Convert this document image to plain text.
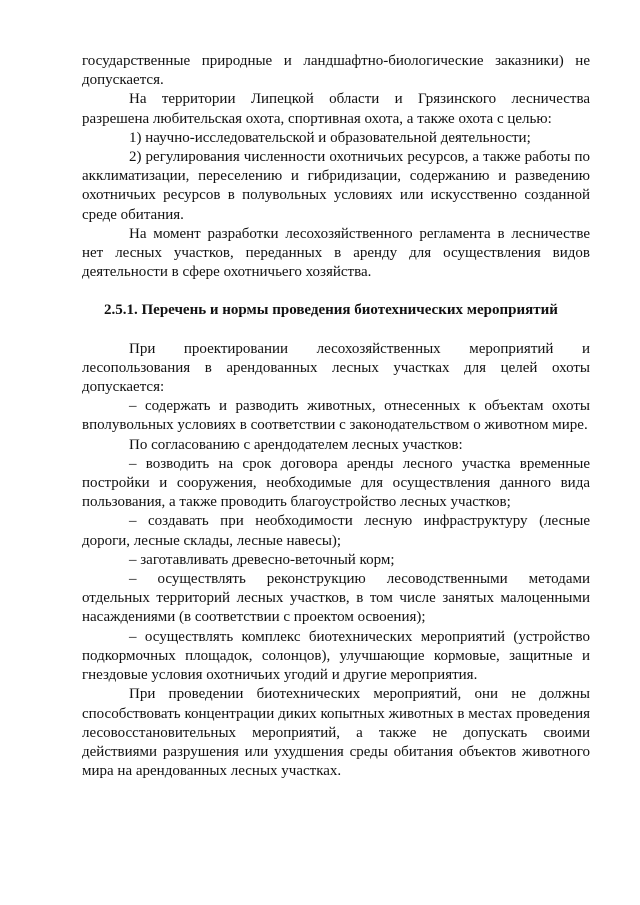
государственные природные и ландшафтно-биологические заказники) не допускается.

На территории Липецкой области и Грязинского лесничества разрешена любительская охота, спортивная охота, а также охота с целью:

1) научно-исследовательской и образовательной деятельности;

2) регулирования численности охотничьих ресурсов, а также работы по акклиматизации, переселению и гибридизации, содержанию и разведению охотничьих ресурсов в полувольных условиях или искусственно созданной среде обитания.

На момент разработки лесохозяйственного регламента в лесничестве нет лесных участков, переданных в аренду для осуществления видов деятельности в сфере охотничьего хозяйства.

2.5.1. Перечень и нормы проведения биотехнических мероприятий

При проектировании лесохозяйственных мероприятий и лесопользования в арендованных лесных участках для целей охоты допускается:

– содержать и разводить животных, отнесенных к объектам охоты вполувольных условиях в соответствии с законодательством о животном мире.

По согласованию с арендодателем лесных участков:

– возводить на срок договора аренды лесного участка временные постройки и сооружения, необходимые для осуществления данного вида пользования, а также проводить благоустройство лесных участков;

– создавать при необходимости лесную инфраструктуру (лесные дороги, лесные склады, лесные навесы);

– заготавливать древесно-веточный корм;

– осуществлять реконструкцию лесоводственными методами отдельных территорий лесных участков, в том числе занятых малоценными насаждениями (в соответствии с проектом освоения);

– осуществлять комплекс биотехнических мероприятий (устройство подкормочных площадок, солонцов), улучшающие кормовые, защитные и гнездовые условия охотничьих угодий и другие мероприятия.

При проведении биотехнических мероприятий, они не должны способствовать концентрации диких копытных животных в местах проведения лесовосстановительных мероприятий, а также не допускать своими действиями разрушения или ухудшения среды обитания объектов животного мира на арендованных лесных участках.
